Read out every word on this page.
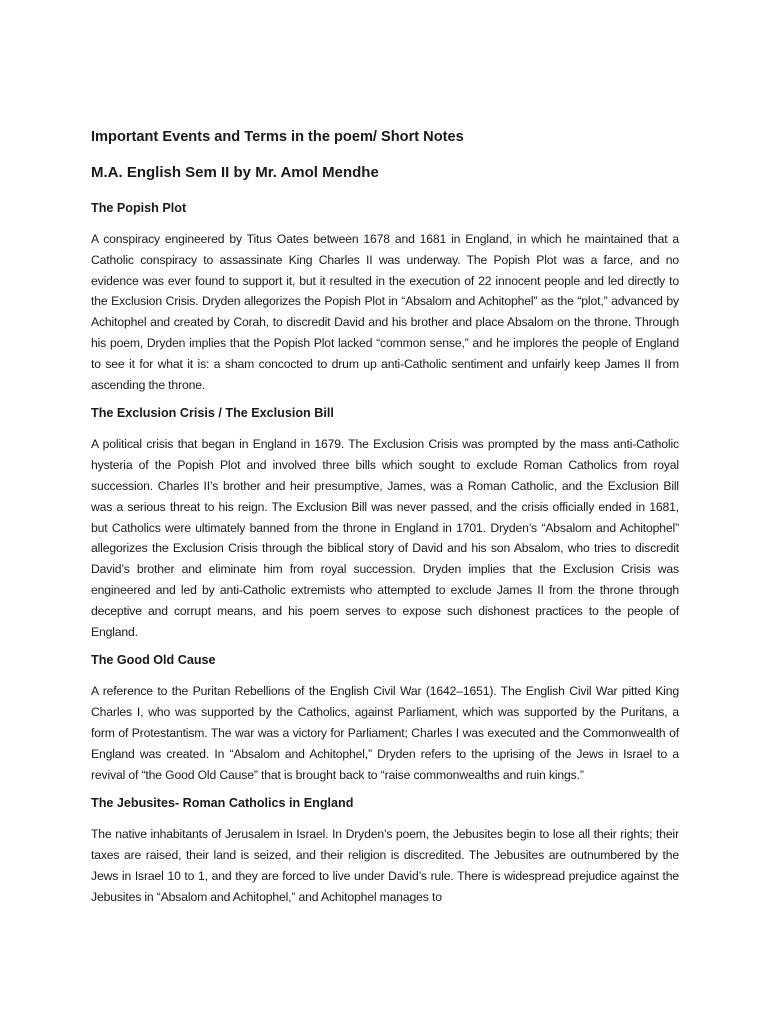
Important Events and Terms in the poem/ Short Notes

M.A. English Sem II by Mr. Amol Mendhe

The Popish Plot

A conspiracy engineered by Titus Oates between 1678 and 1681 in England, in which he maintained that a Catholic conspiracy to assassinate King Charles II was underway. The Popish Plot was a farce, and no evidence was ever found to support it, but it resulted in the execution of 22 innocent people and led directly to the Exclusion Crisis. Dryden allegorizes the Popish Plot in “Absalom and Achitophel” as the “plot,” advanced by Achitophel and created by Corah, to discredit David and his brother and place Absalom on the throne. Through his poem, Dryden implies that the Popish Plot lacked “common sense,” and he implores the people of England to see it for what it is: a sham concocted to drum up anti-Catholic sentiment and unfairly keep James II from ascending the throne.

The Exclusion Crisis / The Exclusion Bill

A political crisis that began in England in 1679. The Exclusion Crisis was prompted by the mass anti-Catholic hysteria of the Popish Plot and involved three bills which sought to exclude Roman Catholics from royal succession. Charles II’s brother and heir presumptive, James, was a Roman Catholic, and the Exclusion Bill was a serious threat to his reign. The Exclusion Bill was never passed, and the crisis officially ended in 1681, but Catholics were ultimately banned from the throne in England in 1701. Dryden’s “Absalom and Achitophel” allegorizes the Exclusion Crisis through the biblical story of David and his son Absalom, who tries to discredit David’s brother and eliminate him from royal succession. Dryden implies that the Exclusion Crisis was engineered and led by anti-Catholic extremists who attempted to exclude James II from the throne through deceptive and corrupt means, and his poem serves to expose such dishonest practices to the people of England.

The Good Old Cause

A reference to the Puritan Rebellions of the English Civil War (1642–1651). The English Civil War pitted King Charles I, who was supported by the Catholics, against Parliament, which was supported by the Puritans, a form of Protestantism. The war was a victory for Parliament; Charles I was executed and the Commonwealth of England was created. In “Absalom and Achitophel,” Dryden refers to the uprising of the Jews in Israel to a revival of “the Good Old Cause” that is brought back to “raise commonwealths and ruin kings.”

The Jebusites- Roman Catholics in England

The native inhabitants of Jerusalem in Israel. In Dryden’s poem, the Jebusites begin to lose all their rights; their taxes are raised, their land is seized, and their religion is discredited. The Jebusites are outnumbered by the Jews in Israel 10 to 1, and they are forced to live under David’s rule. There is widespread prejudice against the Jebusites in “Absalom and Achitophel,” and Achitophel manages to
